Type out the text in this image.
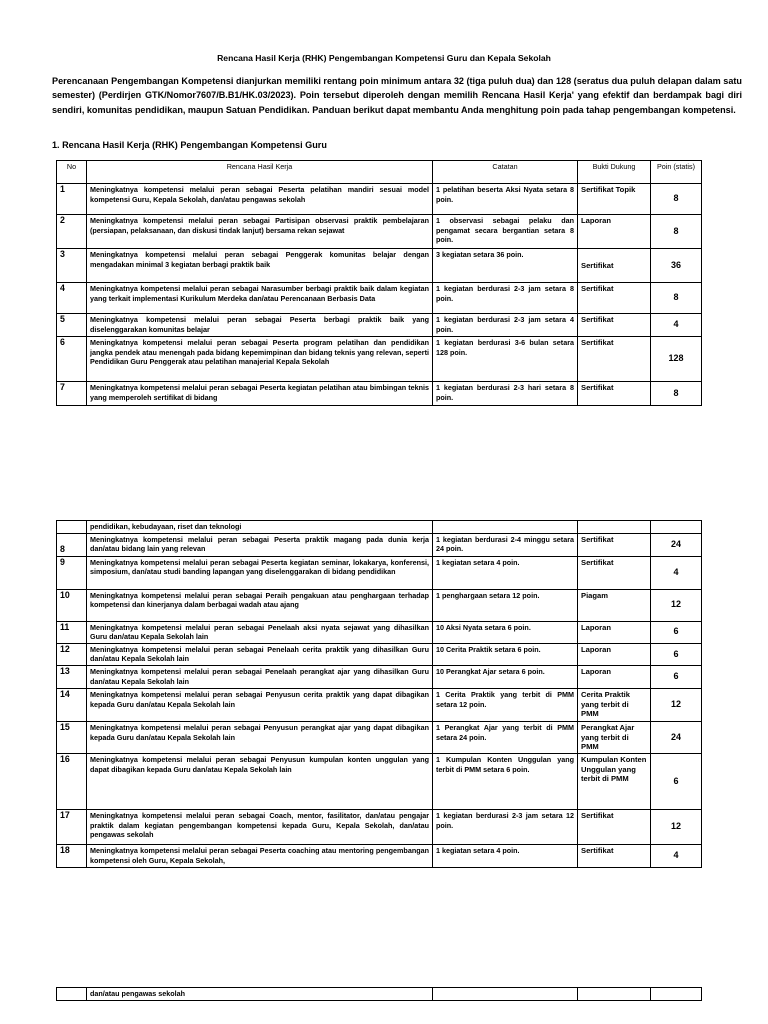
Rencana Hasil Kerja (RHK) Pengembangan Kompetensi Guru dan Kepala Sekolah

Perencanaan Pengembangan Kompetensi dianjurkan memiliki rentang poin minimum antara 32 (tiga puluh dua) dan 128 (seratus dua puluh delapan dalam satu semester) (Perdirjen GTK/Nomor7607/B.B1/HK.03/2023). Poin tersebut diperoleh dengan memilih Rencana Hasil Kerja' yang efektif dan berdampak bagi diri sendiri, komunitas pendidikan, maupun Satuan Pendidikan. Panduan berikut dapat membantu Anda menghitung poin pada tahap pengembangan kompetensi.

1. Rencana Hasil Kerja (RHK) Pengembangan Kompetensi Guru
No	Rencana Hasil Kerja	Catatan	Bukti Dukung	Poin (statis)
1	Meningkatnya kompetensi melalui peran sebagai Peserta pelatihan mandiri sesuai model kompetensi Guru, Kepala Sekolah, dan/atau pengawas sekolah	1 pelatihan beserta Aksi Nyata setara 8 poin.	Sertifikat Topik	8
2	Meningkatnya kompetensi melalui peran sebagai Partisipan observasi praktik pembelajaran (persiapan, pelaksanaan, dan diskusi tindak lanjut) bersama rekan sejawat	1 observasi sebagai pelaku dan pengamat secara bergantian setara 8 poin.	Laporan	8
3	Meningkatnya kompetensi melalui peran sebagai Penggerak komunitas belajar dengan mengadakan minimal 3 kegiatan berbagi praktik baik	3 kegiatan setara 36 poin.	Sertifikat	36
4	Meningkatnya kompetensi melalui peran sebagai Narasumber berbagi praktik baik dalam kegiatan yang terkait implementasi Kurikulum Merdeka dan/atau Perencanaan Berbasis Data	1 kegiatan berdurasi 2-3 jam setara 8 poin.	Sertifikat	8
5	Meningkatnya kompetensi melalui peran sebagai Peserta berbagi praktik baik yang diselenggarakan komunitas belajar	1 kegiatan berdurasi 2-3 jam setara 4 poin.	Sertifikat	4
6	Meningkatnya kompetensi melalui peran sebagai Peserta program pelatihan dan pendidikan jangka pendek atau menengah pada bidang kepemimpinan dan bidang teknis yang relevan, seperti Pendidikan Guru Penggerak atau pelatihan manajerial Kepala Sekolah	1 kegiatan berdurasi 3-6 bulan setara 128 poin.	Sertifikat	128
7	Meningkatnya kompetensi melalui peran sebagai Peserta kegiatan pelatihan atau bimbingan teknis yang memperoleh sertifikat di bidang	1 kegiatan berdurasi 2-3 hari setara 8 poin.	Sertifikat	8
	pendidikan, kebudayaan, riset dan teknologi			
8	Meningkatnya kompetensi melalui peran sebagai Peserta praktik magang pada dunia kerja dan/atau bidang lain yang relevan	1 kegiatan berdurasi 2-4 minggu setara 24 poin.	Sertifikat	24
9	Meningkatnya kompetensi melalui peran sebagai Peserta kegiatan seminar, lokakarya, konferensi, simposium, dan/atau studi banding lapangan yang diselenggarakan di bidang pendidikan	1 kegiatan setara 4 poin.	Sertifikat	4
10	Meningkatnya kompetensi melalui peran sebagai Peraih pengakuan atau penghargaan terhadap kompetensi dan kinerjanya dalam berbagai wadah atau ajang	1 penghargaan setara 12 poin.	Piagam	12
11	Meningkatnya kompetensi melalui peran sebagai Penelaah aksi nyata sejawat yang dihasilkan Guru dan/atau Kepala Sekolah lain	10 Aksi Nyata setara 6 poin.	Laporan	6
12	Meningkatnya kompetensi melalui peran sebagai Penelaah cerita praktik yang dihasilkan Guru dan/atau Kepala Sekolah lain	10 Cerita Praktik setara 6 poin.	Laporan	6
13	Meningkatnya kompetensi melalui peran sebagai Penelaah perangkat ajar yang dihasilkan Guru dan/atau Kepala Sekolah lain	10 Perangkat Ajar setara 6 poin.	Laporan	6
14	Meningkatnya kompetensi melalui peran sebagai Penyusun cerita praktik yang dapat dibagikan kepada Guru dan/atau Kepala Sekolah lain	1 Cerita Praktik yang terbit di PMM setara 12 poin.	Cerita Praktik yang terbit di PMM	12
15	Meningkatnya kompetensi melalui peran sebagai Penyusun perangkat ajar yang dapat dibagikan kepada Guru dan/atau Kepala Sekolah lain	1 Perangkat Ajar yang terbit di PMM setara 24 poin.	Perangkat Ajar yang terbit di PMM	24
16	Meningkatnya kompetensi melalui peran sebagai Penyusun kumpulan konten unggulan yang dapat dibagikan kepada Guru dan/atau Kepala Sekolah lain	1 Kumpulan Konten Unggulan yang terbit di PMM setara 6 poin.	Kumpulan Konten Unggulan yang terbit di PMM	6
17	Meningkatnya kompetensi melalui peran sebagai Coach, mentor, fasilitator, dan/atau pengajar praktik dalam kegiatan pengembangan kompetensi kepada Guru, Kepala Sekolah, dan/atau pengawas sekolah	1 kegiatan berdurasi 2-3 jam setara 12 poin.	Sertifikat	12
18	Meningkatnya kompetensi melalui peran sebagai Peserta coaching atau mentoring pengembangan kompetensi oleh Guru, Kepala Sekolah,	1 kegiatan setara 4 poin.	Sertifikat	4
	dan/atau pengawas sekolah			
